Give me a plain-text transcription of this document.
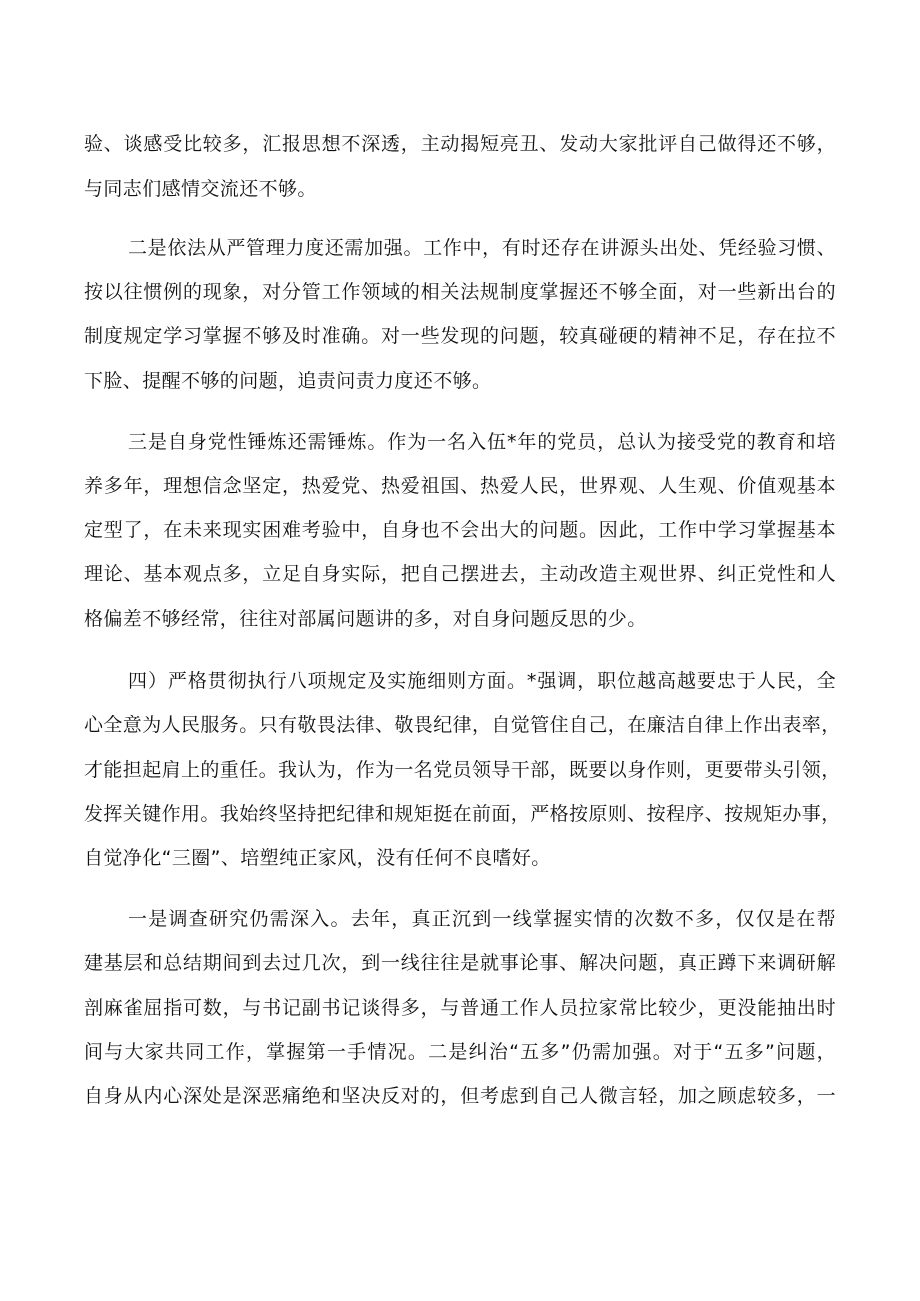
验、谈感受比较多，汇报思想不深透，主动揭短亮丑、发动大家批评自己做得还不够，
与同志们感情交流还不够。
二是依法从严管理力度还需加强。工作中，有时还存在讲源头出处、凭经验习惯、
按以往惯例的现象，对分管工作领域的相关法规制度掌握还不够全面，对一些新出台的
制度规定学习掌握不够及时准确。对一些发现的问题，较真碰硬的精神不足，存在拉不
下脸、提醒不够的问题，追责问责力度还不够。
三是自身党性锤炼还需锤炼。作为一名入伍*年的党员，总认为接受党的教育和培
养多年，理想信念坚定，热爱党、热爱祖国、热爱人民，世界观、人生观、价值观基本
定型了，在未来现实困难考验中，自身也不会出大的问题。因此，工作中学习掌握基本
理论、基本观点多，立足自身实际，把自己摆进去，主动改造主观世界、纠正党性和人
格偏差不够经常，往往对部属问题讲的多，对自身问题反思的少。
四）严格贯彻执行八项规定及实施细则方面。*强调，职位越高越要忠于人民，全
心全意为人民服务。只有敬畏法律、敬畏纪律，自觉管住自己，在廉洁自律上作出表率，
才能担起肩上的重任。我认为，作为一名党员领导干部，既要以身作则，更要带头引领，
发挥关键作用。我始终坚持把纪律和规矩挺在前面，严格按原则、按程序、按规矩办事，
自觉净化“三圈”、培塑纯正家风，没有任何不良嗜好。
一是调查研究仍需深入。去年，真正沉到一线掌握实情的次数不多，仅仅是在帮
建基层和总结期间到去过几次，到一线往往是就事论事、解决问题，真正蹲下来调研解
剖麻雀屈指可数，与书记副书记谈得多，与普通工作人员拉家常比较少，更没能抽出时
间与大家共同工作，掌握第一手情况。二是纠治“五多”仍需加强。对于“五多”问题，
自身从内心深处是深恶痛绝和坚决反对的，但考虑到自己人微言轻，加之顾虑较多，一
